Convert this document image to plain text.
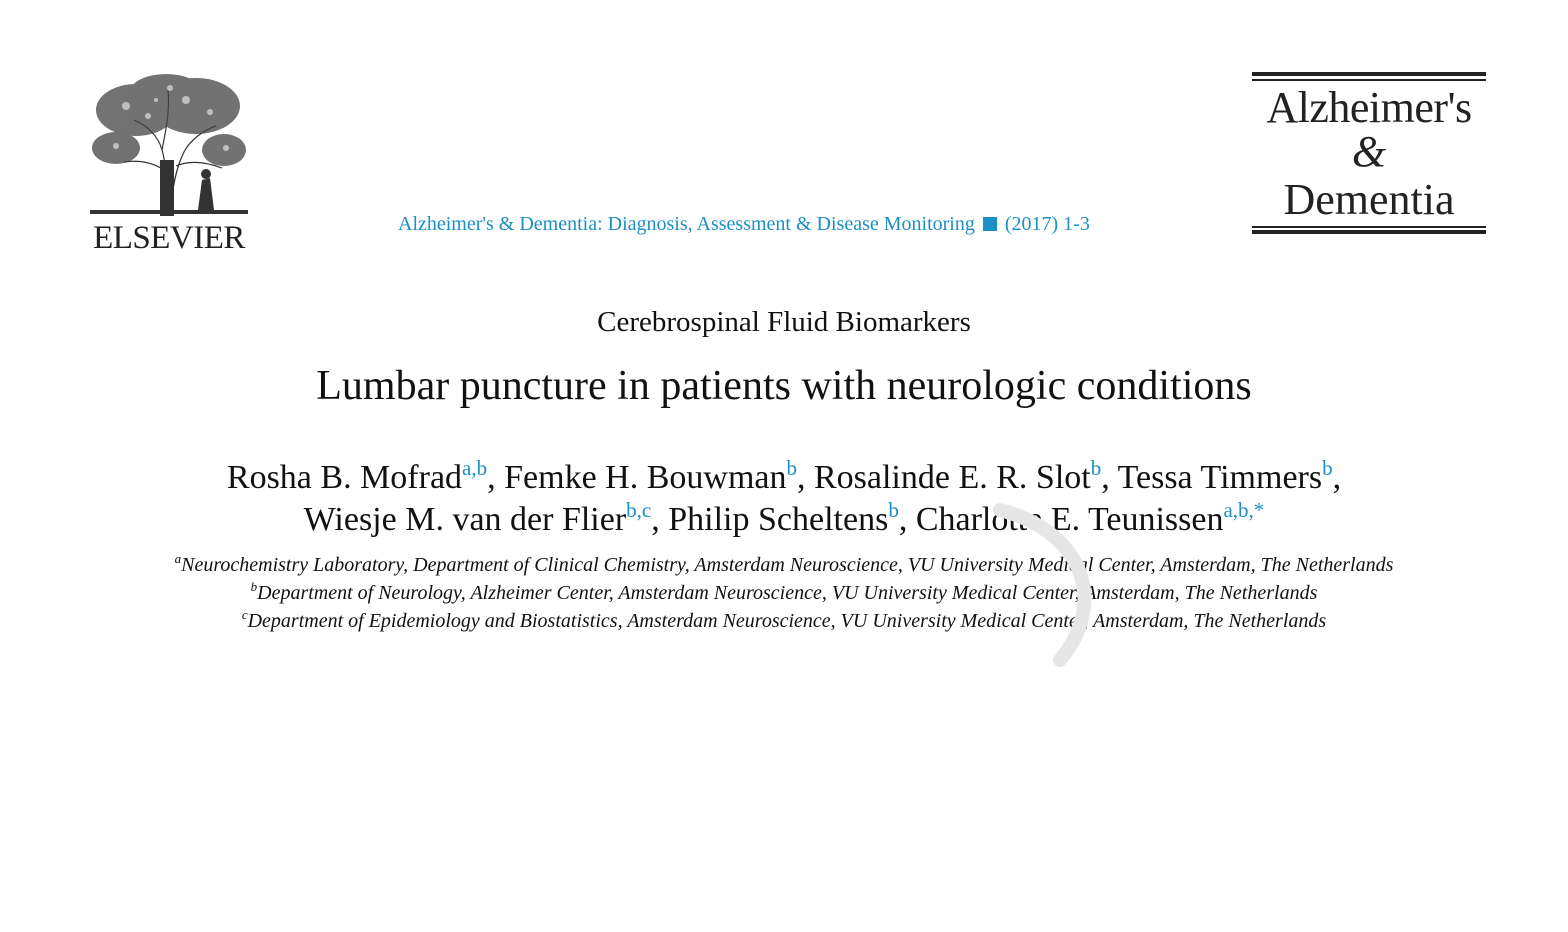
ELSEVIER	Alzheimer's & Dementia: Diagnosis, Assessment & Disease Monitoring (2017) 1-3
Alzheimer's
&
Dementia
Cerebrospinal Fluid Biomarkers
Lumbar puncture in patients with neurologic conditions
Rosha B. Mofrad$^{a,b}$, Femke H. Bouwman$^b$, Rosalinde E. R. Slot$^b$, Tessa Timmers$^b$,
Wiesje M. van der Flier$^{b,c}$, Philip Scheltens$^b$, Charlotte E. Teunissen$^{a,b,*}$
$^a$Neurochemistry Laboratory, Department of Clinical Chemistry, Amsterdam Neuroscience, VU University Medical Center, Amsterdam, The Netherlands
$^b$Department of Neurology, Alzheimer Center, Amsterdam Neuroscience, VU University Medical Center, Amsterdam, The Netherlands
$^c$Department of Epidemiology and Biostatistics, Amsterdam Neuroscience, VU University Medical Center, Amsterdam, The Netherlands
